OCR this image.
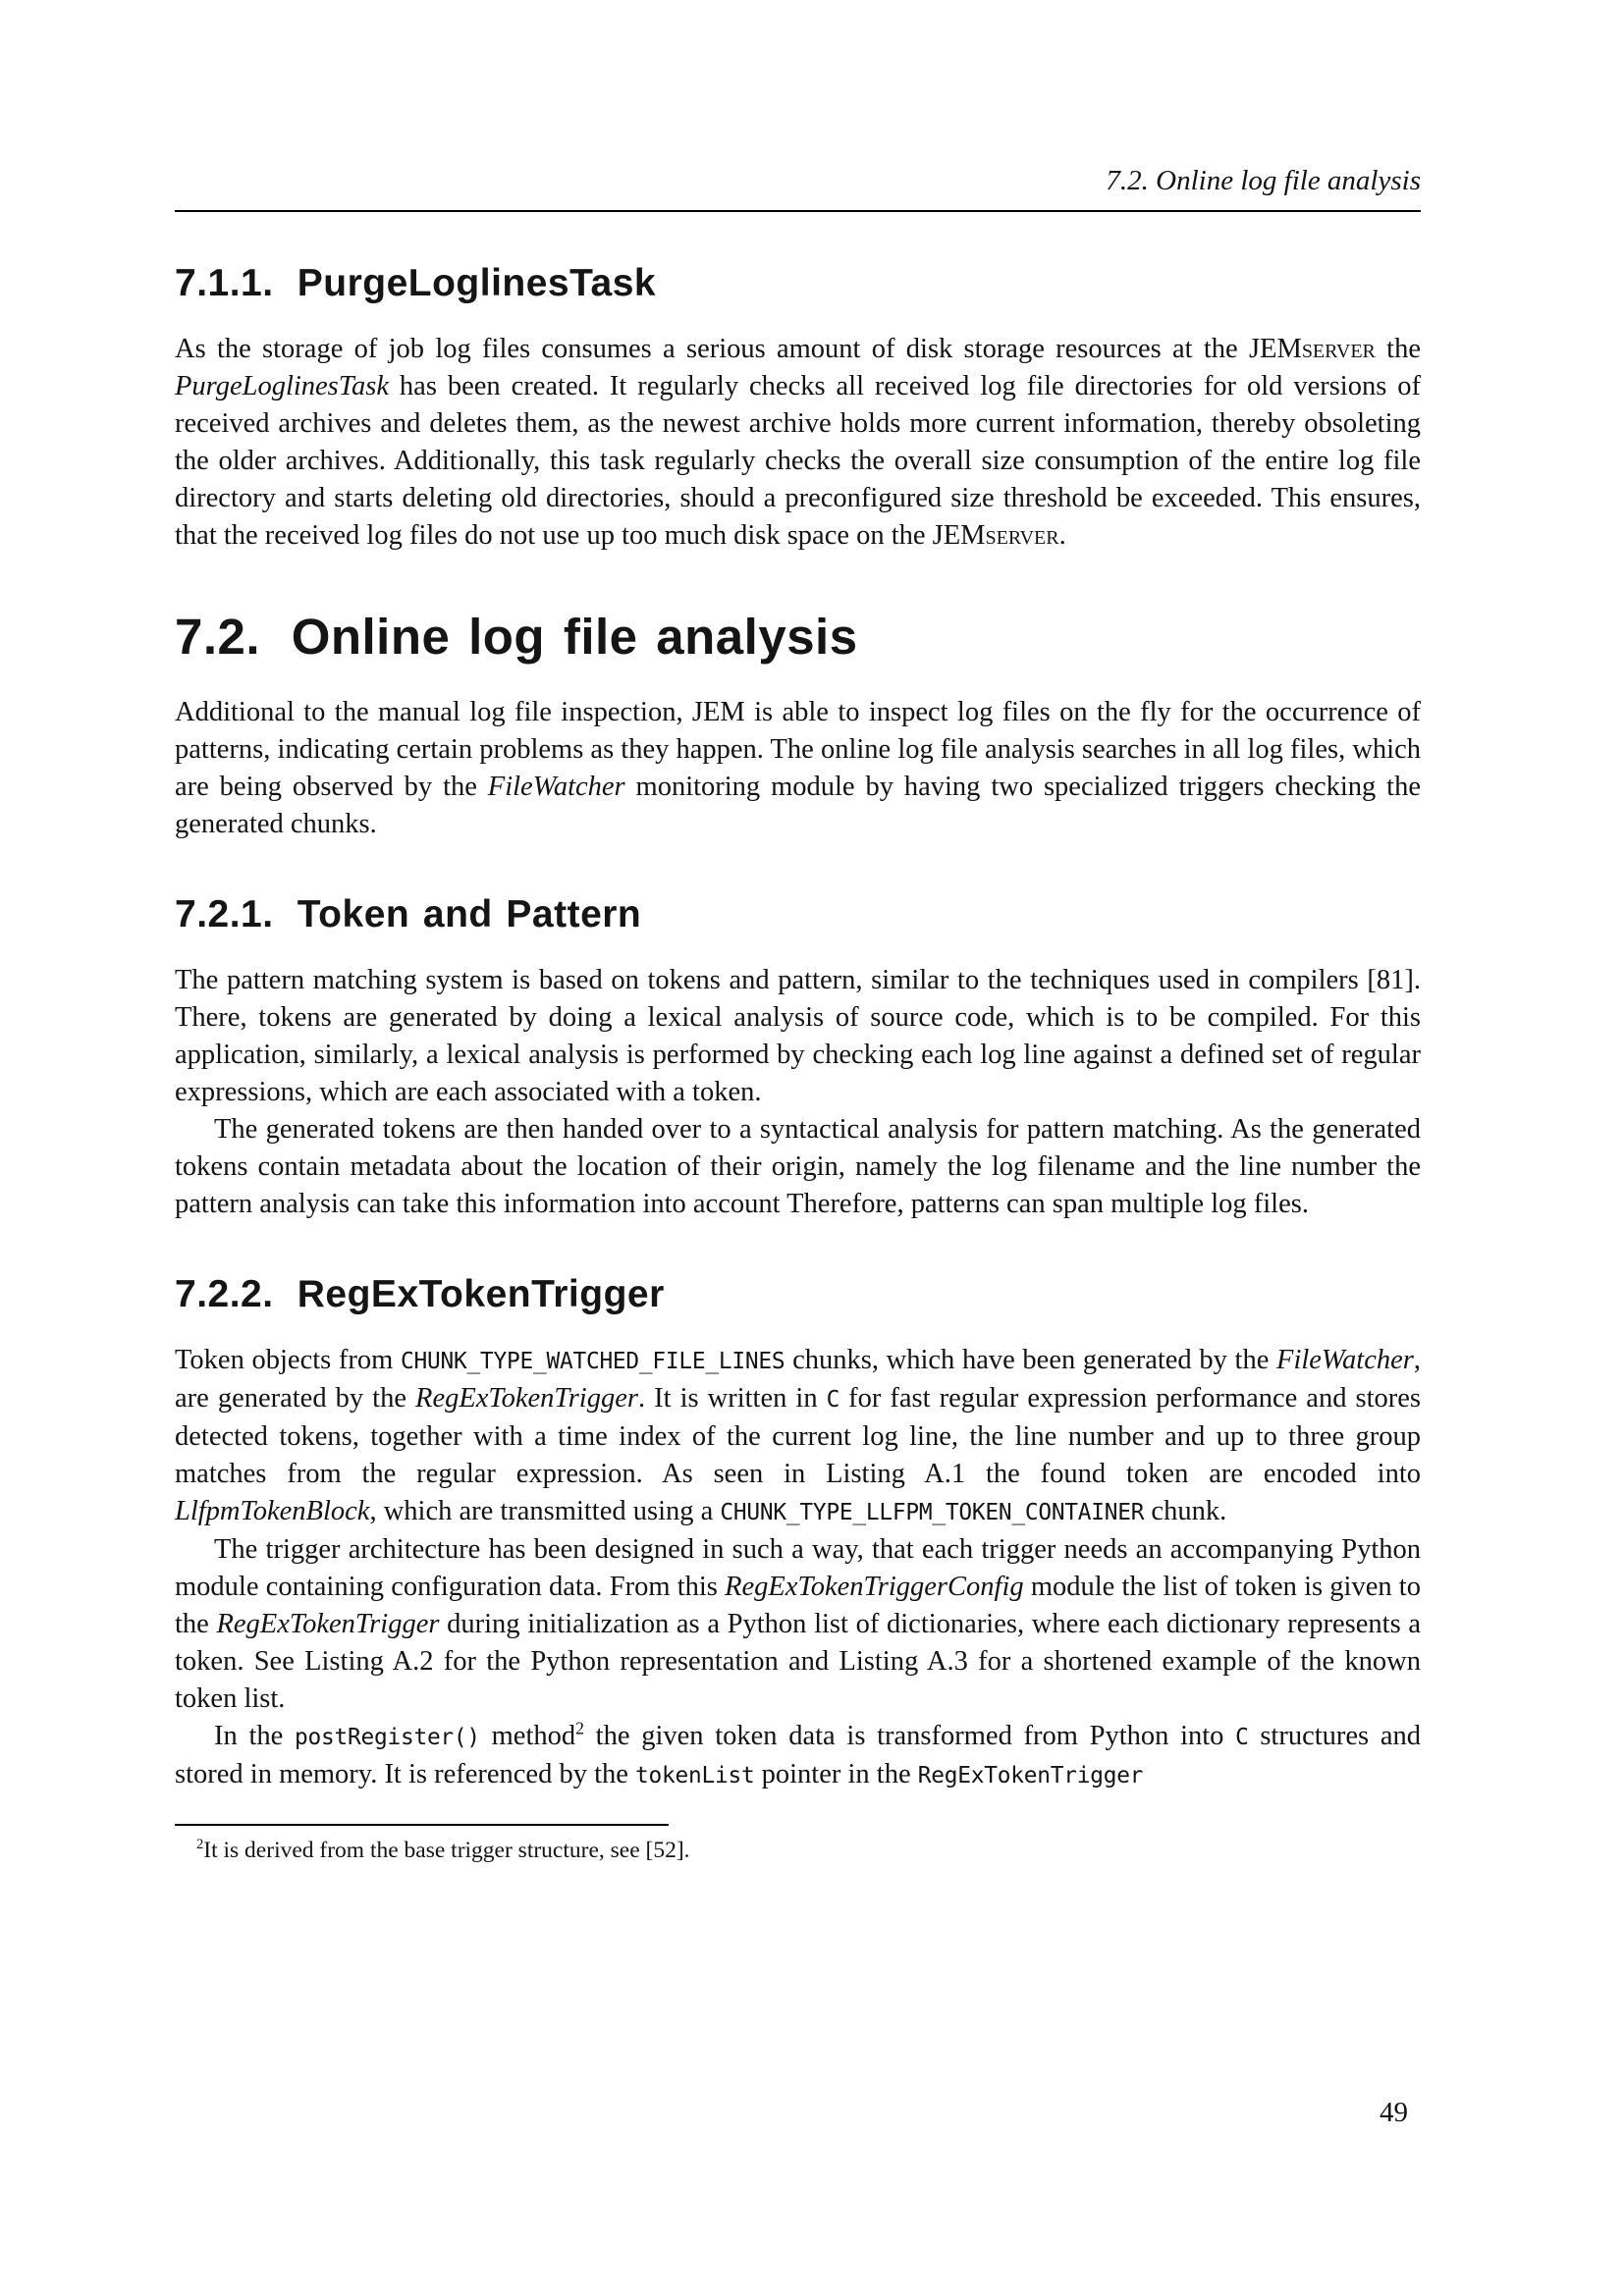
7.2. Online log file analysis
7.1.1. PurgeLoglinesTask

As the storage of job log files consumes a serious amount of disk storage resources at the JEMserver the PurgeLoglinesTask has been created. It regularly checks all received log file directories for old versions of received archives and deletes them, as the newest archive holds more current information, thereby obsoleting the older archives. Additionally, this task regularly checks the overall size consumption of the entire log file directory and starts deleting old directories, should a preconfigured size threshold be exceeded. This ensures, that the received log files do not use up too much disk space on the JEMserver.

7.2. Online log file analysis

Additional to the manual log file inspection, JEM is able to inspect log files on the fly for the occurrence of patterns, indicating certain problems as they happen. The online log file analysis searches in all log files, which are being observed by the FileWatcher monitoring module by having two specialized triggers checking the generated chunks.

7.2.1. Token and Pattern

The pattern matching system is based on tokens and pattern, similar to the techniques used in compilers [81]. There, tokens are generated by doing a lexical analysis of source code, which is to be compiled. For this application, similarly, a lexical analysis is performed by checking each log line against a defined set of regular expressions, which are each associated with a token.

The generated tokens are then handed over to a syntactical analysis for pattern matching. As the generated tokens contain metadata about the location of their origin, namely the log filename and the line number the pattern analysis can take this information into account Therefore, patterns can span multiple log files.

7.2.2. RegExTokenTrigger

Token objects from CHUNK_TYPE_WATCHED_FILE_LINES chunks, which have been generated by the FileWatcher, are generated by the RegExTokenTrigger. It is written in C for fast regular expression performance and stores detected tokens, together with a time index of the current log line, the line number and up to three group matches from the regular expression. As seen in Listing A.1 the found token are encoded into LlfpmTokenBlock, which are transmitted using a CHUNK_TYPE_LLFPM_TOKEN_CONTAINER chunk.

The trigger architecture has been designed in such a way, that each trigger needs an accompanying Python module containing configuration data. From this RegExTokenTriggerConfig module the list of token is given to the RegExTokenTrigger during initialization as a Python list of dictionaries, where each dictionary represents a token. See Listing A.2 for the Python representation and Listing A.3 for a shortened example of the known token list.

In the postRegister() method$^2$ the given token data is transformed from Python into C structures and stored in memory. It is referenced by the tokenList pointer in the RegExTokenTrigger

$^2$It is derived from the base trigger structure, see [52].
49
